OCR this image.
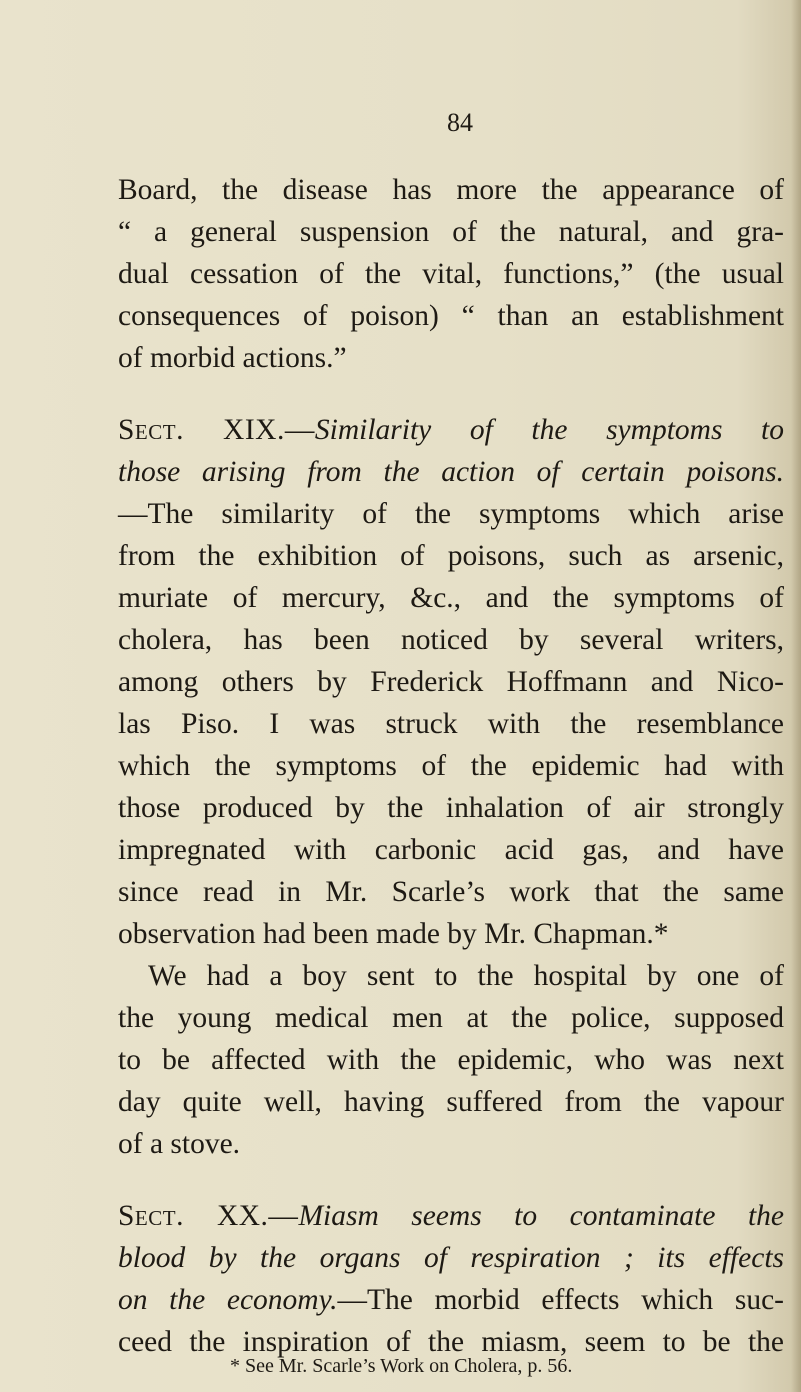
84
Board, the disease has more the appearance of
“ a general suspension of the natural, and gra-
dual cessation of the vital, functions,” (the usual
consequences of poison) “ than an establishment
of morbid actions.”
Sect. XIX.—Similarity of the symptoms to
those arising from the action of certain poisons.
—The similarity of the symptoms which arise
from the exhibition of poisons, such as arsenic,
muriate of mercury, &c., and the symptoms of
cholera, has been noticed by several writers,
among others by Frederick Hoffmann and Nico-
las Piso. I was struck with the resemblance
which the symptoms of the epidemic had with
those produced by the inhalation of air strongly
impregnated with carbonic acid gas, and have
since read in Mr. Scarle’s work that the same
observation had been made by Mr. Chapman.*
We had a boy sent to the hospital by one of
the young medical men at the police, supposed
to be affected with the epidemic, who was next
day quite well, having suffered from the vapour
of a stove.
Sect. XX.—Miasm seems to contaminate the
blood by the organs of respiration ; its effects
on the economy.—The morbid effects which suc-
ceed the inspiration of the miasm, seem to be the
* See Mr. Scarle’s Work on Cholera, p. 56.
